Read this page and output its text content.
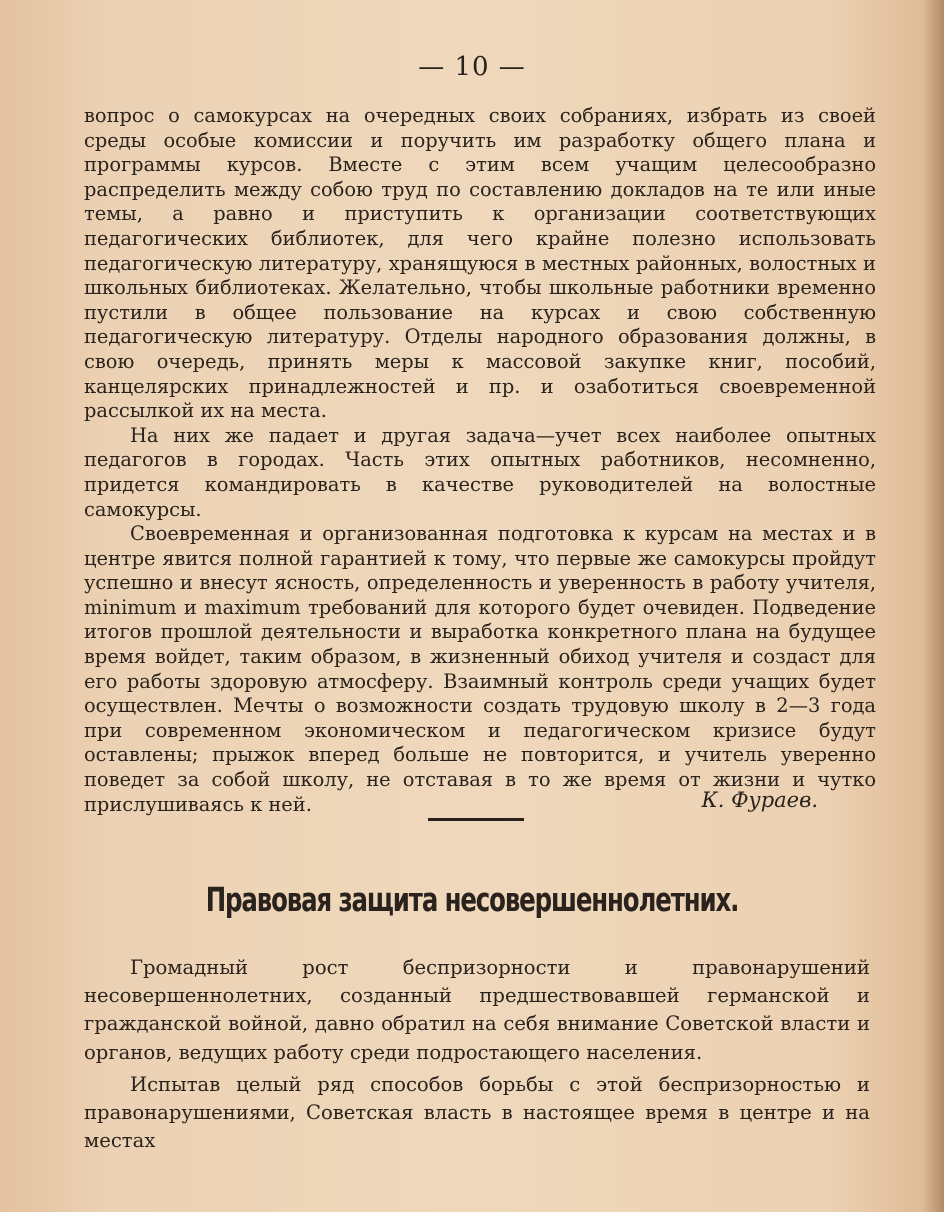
— 10 —

вопрос о самокурсах на очередных своих собраниях, избрать из своей среды особые комиссии и поручить им разработку общего плана и программы курсов. Вместе с этим всем учащим целесообразно распределить между собою труд по составлению докладов на те или иные темы, а равно и приступить к организации соответствующих педагогических библиотек, для чего крайне полезно использовать педагогическую литературу, хранящуюся в местных районных, волостных и школьных библиотеках. Желательно, чтобы школьные работники временно пустили в общее пользование на курсах и свою собственную педагогическую литературу. Отделы народного образования должны, в свою очередь, принять меры к массовой закупке книг, пособий, канцелярских принадлежностей и пр. и озаботиться своевременной рассылкой их на места.

На них же падает и другая задача—учет всех наиболее опытных педагогов в городах. Часть этих опытных работников, несомненно, придется командировать в качестве руководителей на волостные самокурсы.

Своевременная и организованная подготовка к курсам на местах и в центре явится полной гарантией к тому, что первые же самокурсы пройдут успешно и внесут ясность, определенность и уверенность в работу учителя, minimum и maximum требований для которого будет очевиден. Подведение итогов прошлой деятельности и выработка конкретного плана на будущее время войдет, таким образом, в жизненный обиход учителя и создаст для его работы здоровую атмосферу. Взаимный контроль среди учащих будет осуществлен. Мечты о возможности создать трудовую школу в 2—3 года при современном экономическом и педагогическом кризисе будут оставлены; прыжок вперед больше не повторится, и учитель уверенно поведет за собой школу, не отставая в то же время от жизни и чутко прислушиваясь к ней.	К. Фураев.
Правовая защита несовершеннолетних.

Громадный рост беспризорности и правонарушений несовершеннолетних, созданный предшествовавшей германской и гражданской войной, давно обратил на себя внимание Советской власти и органов, ведущих работу среди подростающего населения.

Испытав целый ряд способов борьбы с этой беспризорностью и правонарушениями, Советская власть в настоящее время в центре и на местах
